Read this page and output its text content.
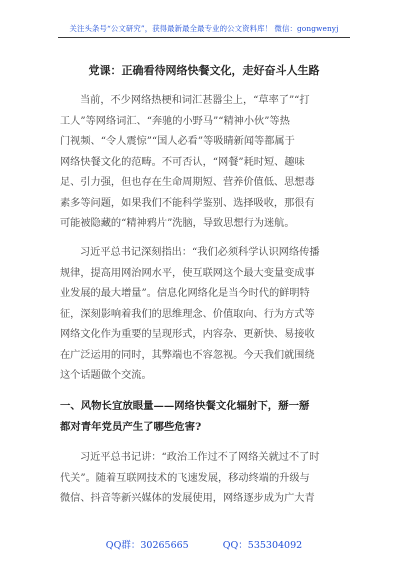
关注头条号“公文研究”，获得最新最全最专业的公文资料库！ 微信：gongwenyj
党课：正确看待网络快餐文化，走好奋斗人生路
当前，不少网络热梗和词汇甚嚣尘上，“草率了”“打
工人”等网络词汇、“奔驰的小野马”“精神小伙”等热
门视频、“令人震惊”“国人必看”等吸睛新闻等都属于
网络快餐文化的范畴。不可否认，“网餐”耗时短、趣味
足、引力强，但也存在生命周期短、营养价值低、思想毒
素多等问题，如果我们不能科学鉴别、选择吸收，那很有
可能被隐藏的“精神鸦片”洗脑，导致思想行为迷航。
习近平总书记深刻指出：“我们必须科学认识网络传播
规律，提高用网治网水平，使互联网这个最大变量变成事
业发展的最大增量”。信息化网络化是当今时代的鲜明特
征，深刻影响着我们的思维理念、价值取向、行为方式等
网络文化作为重要的呈现形式，内容杂、更新快、易接收
在广泛运用的同时，其弊端也不容忽视。今天我们就围绕
这个话题做个交流。
一、风物长宜放眼量——网络快餐文化辐射下，掰一掰
都对青年党员产生了哪些危害?
习近平总书记讲：“政治工作过不了网络关就过不了时
代关”。随着互联网技术的飞速发展，移动终端的升级与
微信、抖音等新兴媒体的发展使用，网络逐步成为广大青
QQ群：30265665	QQ：535304092
